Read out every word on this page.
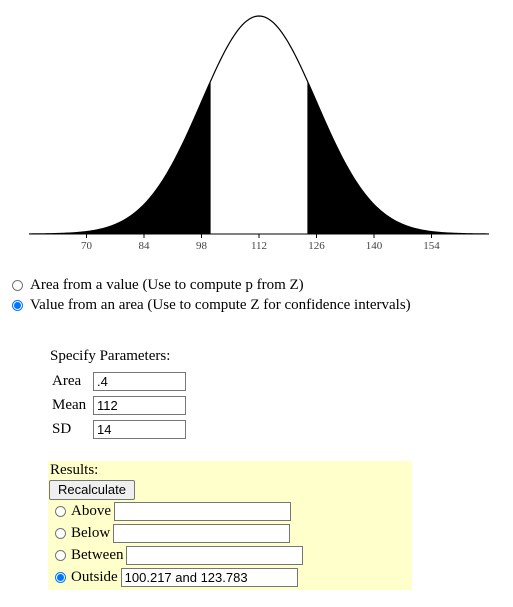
70	84	98	112	126	140	154
Area from a value (Use to compute p from Z)
Value from an area (Use to compute Z for confidence intervals)
Specify Parameters:
Area	.4
Mean 112
SD	14
Results:
Recalculate
Above
Below
Between
Outside 100.217 and 123.783
